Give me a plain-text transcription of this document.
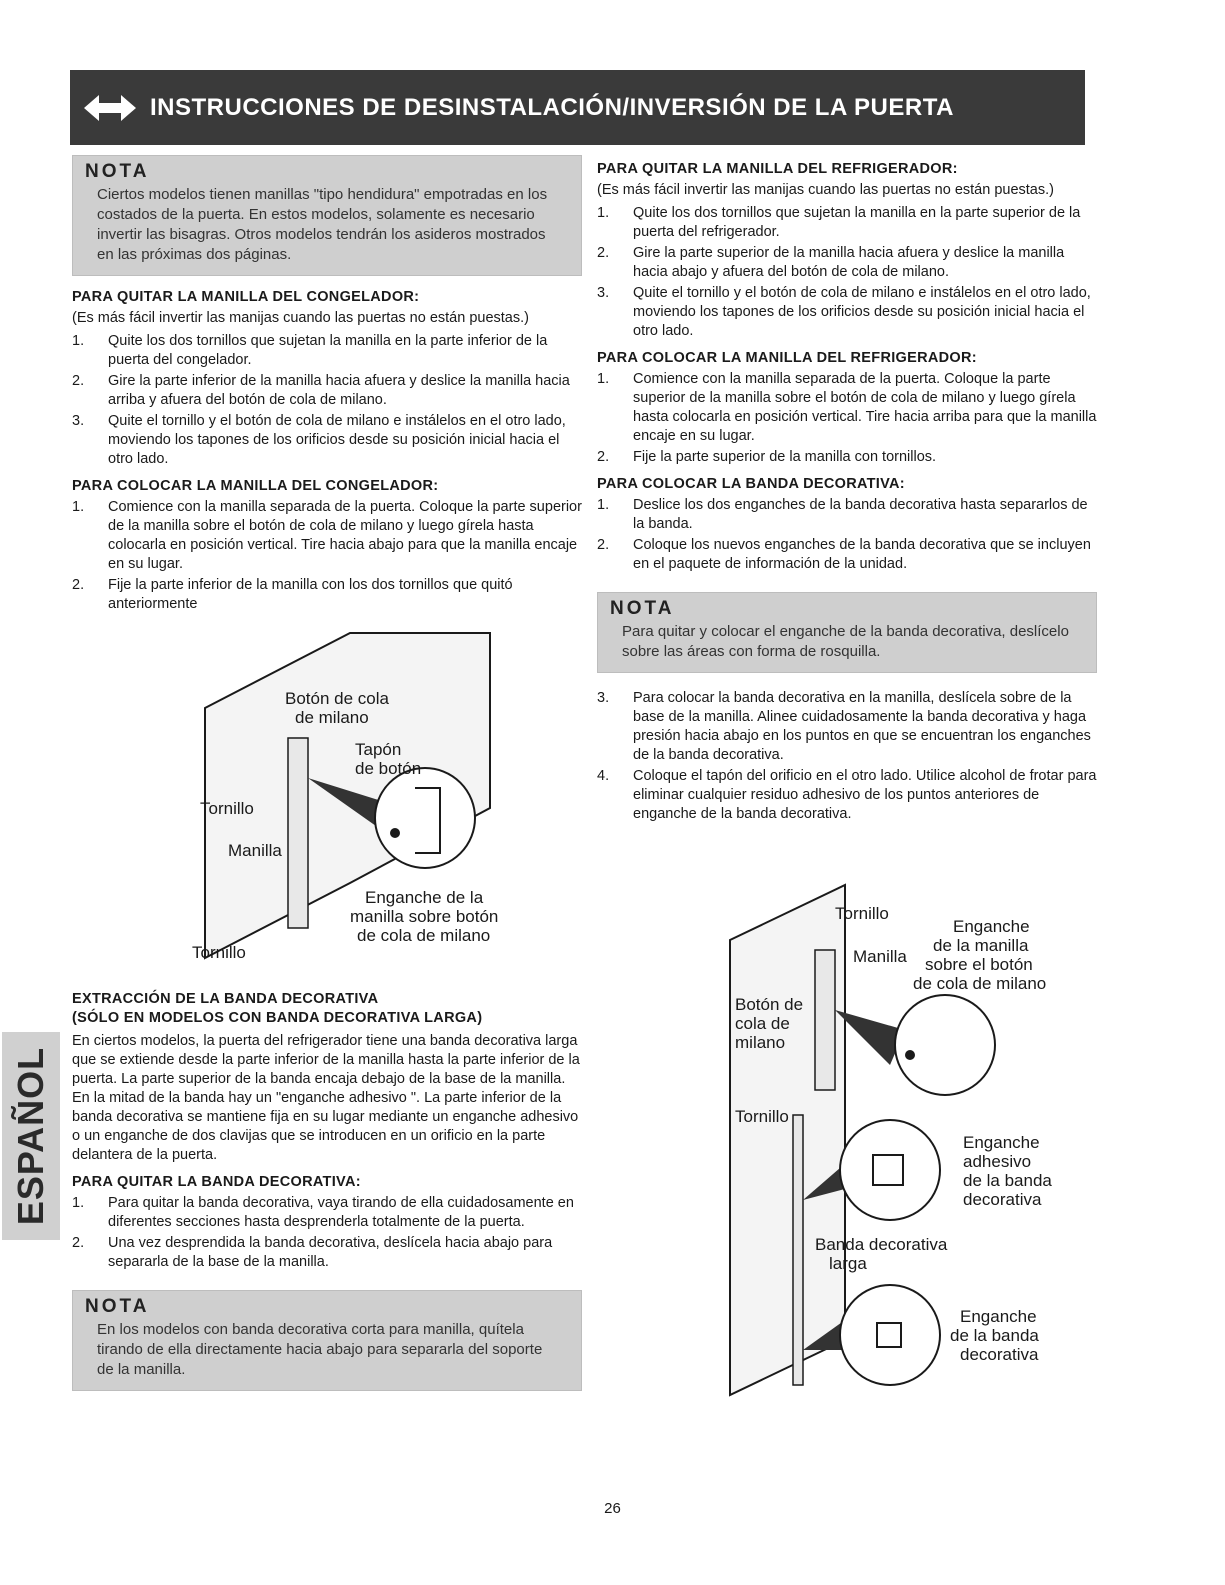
INSTRUCCIONES DE DESINSTALACIÓN/INVERSIÓN DE LA PUERTA
NOTA
Ciertos modelos tienen manillas "tipo hendidura" empotradas en los costados de la puerta. En estos modelos, solamente es necesario invertir las bisagras. Otros modelos tendrán los asideros mostrados en las próximas dos páginas.
PARA QUITAR LA MANILLA DEL CONGELADOR:

(Es más fácil invertir las manijas cuando las puertas no están puestas.)

1. Quite los dos tornillos que sujetan la manilla en la parte inferior de la puerta del congelador.
2. Gire la parte inferior de la manilla hacia afuera y deslice la manilla hacia arriba y afuera del botón de cola de milano.
3. Quite el tornillo y el botón de cola de milano e instálelos en el otro lado, moviendo los tapones de los orificios desde su posición inicial hacia el otro lado.
PARA COLOCAR LA MANILLA DEL CONGELADOR:
1. Comience con la manilla separada de la puerta. Coloque la parte superior de la manilla sobre el botón de cola de milano y luego gírela hasta colocarla en posición vertical. Tire hacia abajo para que la manilla encaje en su lugar.
2. Fije la parte inferior de la manilla con los dos tornillos que quitó anteriormente
Botón de cola
de milano
Tapón
de botón
Tornillo
Manilla
Enganche de la
manilla sobre botón
de cola de milano
Tornillo
EXTRACCIÓN DE LA BANDA DECORATIVA
(SÓLO EN MODELOS CON BANDA DECORATIVA LARGA)

En ciertos modelos, la puerta del refrigerador tiene una banda decorativa larga que se extiende desde la parte inferior de la manilla hasta la parte inferior de la puerta. La parte superior de la banda encaja debajo de la base de la manilla. En la mitad de la banda hay un "enganche adhesivo ". La parte inferior de la banda decorativa se mantiene fija en su lugar mediante un enganche adhesivo o un enganche de dos clavijas que se introducen en un orificio en la parte delantera de la puerta.

PARA QUITAR LA BANDA DECORATIVA:
1. Para quitar la banda decorativa, vaya tirando de ella cuidadosamente en diferentes secciones hasta desprenderla totalmente de la puerta.
2. Una vez desprendida la banda decorativa, deslícela hacia abajo para separarla de la base de la manilla.
NOTA
En los modelos con banda decorativa corta para manilla, quítela tirando de ella directamente hacia abajo para separarla del soporte de la manilla.
PARA QUITAR LA MANILLA DEL REFRIGERADOR:

(Es más fácil invertir las manijas cuando las puertas no están puestas.)

1. Quite los dos tornillos que sujetan la manilla en la parte superior de la puerta del refrigerador.
2. Gire la parte superior de la manilla hacia afuera y deslice la manilla hacia abajo y afuera del botón de cola de milano.
3. Quite el tornillo y el botón de cola de milano e instálelos en el otro lado, moviendo los tapones de los orificios desde su posición inicial hacia el otro lado.
PARA COLOCAR LA MANILLA DEL REFRIGERADOR:
1. Comience con la manilla separada de la puerta. Coloque la parte superior de la manilla sobre el botón de cola de milano y luego gírela hasta colocarla en posición vertical. Tire hacia arriba para que la manilla encaje en su lugar.
2. Fije la parte superior de la manilla con tornillos.
PARA COLOCAR LA BANDA DECORATIVA:
1. Deslice los dos enganches de la banda decorativa hasta separarlos de la banda.
2. Coloque los nuevos enganches de la banda decorativa que se incluyen en el paquete de información de la unidad.
NOTA
Para quitar y colocar el enganche de la banda decorativa, deslícelo sobre las áreas con forma de rosquilla.
3. Para colocar la banda decorativa en la manilla, deslícela sobre de la base de la manilla. Alinee cuidadosamente la banda decorativa y haga presión hacia abajo en los puntos en que se encuentran los enganches de la banda decorativa.
4. Coloque el tapón del orificio en el otro lado. Utilice alcohol de frotar para eliminar cualquier residuo adhesivo de los puntos anteriores de enganche de la banda decorativa.
Tornillo
Enganche
de la manilla
sobre el botón
de cola de milano
Manilla
Botón de
cola de
milano
Tornillo
Enganche
adhesivo
de la banda
decorativa
Banda decorativa
larga
Enganche
de la banda
decorativa
ESPAÑOL
26
